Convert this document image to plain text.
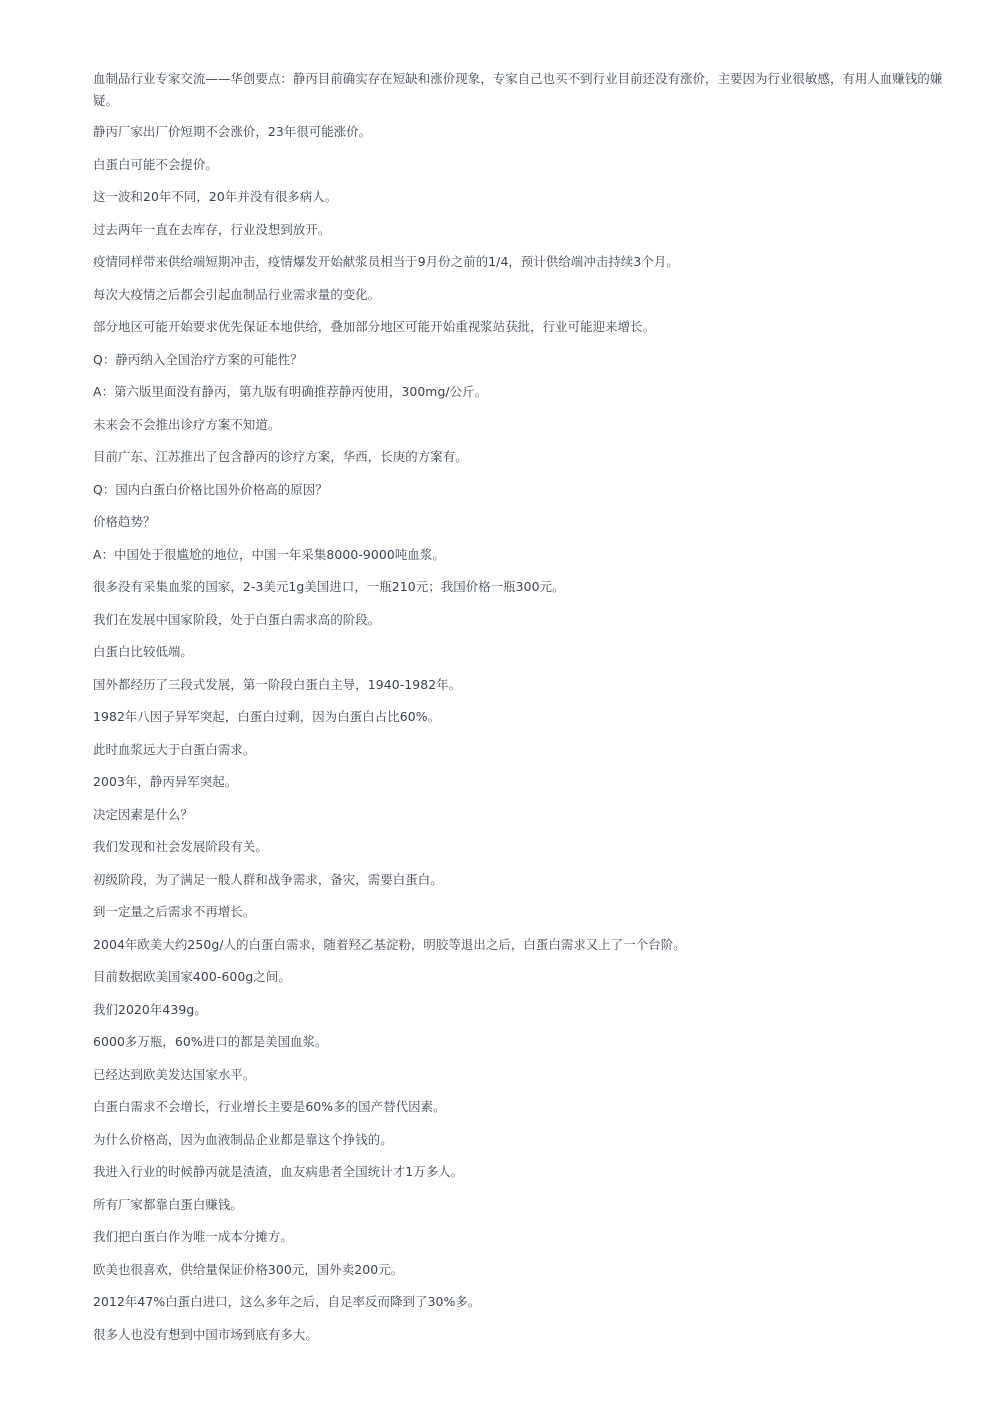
血制品行业专家交流——华创要点：静丙目前确实存在短缺和涨价现象，专家自己也买不到行业目前还没有涨价，主要因为行业很敏感，有用人血赚钱的嫌疑。

静丙厂家出厂价短期不会涨价，23年很可能涨价。

白蛋白可能不会提价。

这一波和20年不同，20年并没有很多病人。

过去两年一直在去库存，行业没想到放开。

疫情同样带来供给端短期冲击，疫情爆发开始献浆员相当于9月份之前的1/4，预计供给端冲击持续3个月。

每次大疫情之后都会引起血制品行业需求量的变化。

部分地区可能开始要求优先保证本地供给，叠加部分地区可能开始重视浆站获批，行业可能迎来增长。

Q：静丙纳入全国治疗方案的可能性？

A：第六版里面没有静丙，第九版有明确推荐静丙使用，300mg/公斤。

未来会不会推出诊疗方案不知道。

目前广东、江苏推出了包含静丙的诊疗方案，华西，长庚的方案有。

Q：国内白蛋白价格比国外价格高的原因？

价格趋势？

A：中国处于很尴尬的地位，中国一年采集8000-9000吨血浆。

很多没有采集血浆的国家，2-3美元1g美国进口，一瓶210元；我国价格一瓶300元。

我们在发展中国家阶段，处于白蛋白需求高的阶段。

白蛋白比较低端。

国外都经历了三段式发展，第一阶段白蛋白主导，1940-1982年。

1982年八因子异军突起，白蛋白过剩，因为白蛋白占比60%。

此时血浆远大于白蛋白需求。

2003年，静丙异军突起。

决定因素是什么？

我们发现和社会发展阶段有关。

初级阶段，为了满足一般人群和战争需求，备灾，需要白蛋白。

到一定量之后需求不再增长。

2004年欧美大约250g/人的白蛋白需求，随着羟乙基淀粉，明胶等退出之后，白蛋白需求又上了一个台阶。

目前数据欧美国家400-600g之间。

我们2020年439g。

6000多万瓶，60%进口的都是美国血浆。

已经达到欧美发达国家水平。

白蛋白需求不会增长，行业增长主要是60%多的国产替代因素。

为什么价格高，因为血液制品企业都是靠这个挣钱的。

我进入行业的时候静丙就是渣渣，血友病患者全国统计才1万多人。

所有厂家都靠白蛋白赚钱。

我们把白蛋白作为唯一成本分摊方。

欧美也很喜欢，供给量保证价格300元，国外卖200元。

2012年47%白蛋白进口，这么多年之后，自足率反而降到了30%多。

很多人也没有想到中国市场到底有多大。
